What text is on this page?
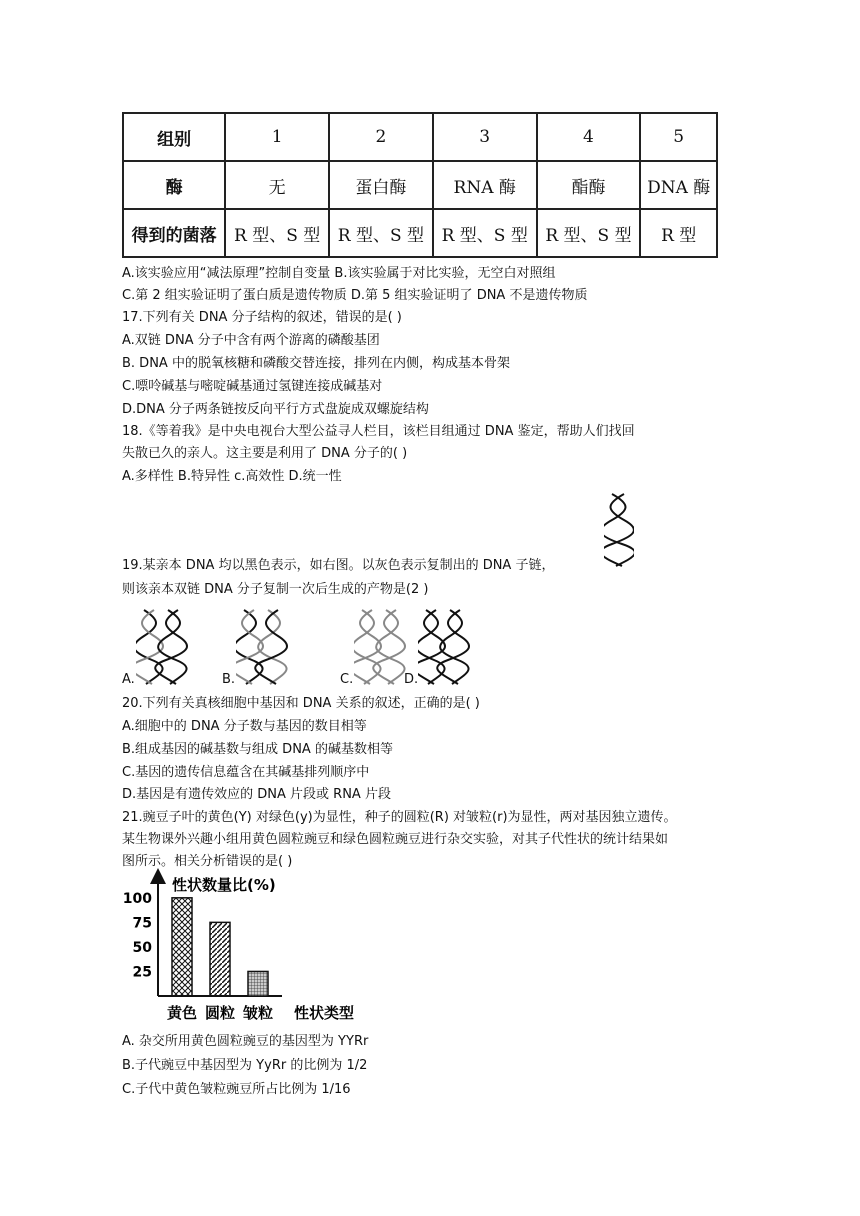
组别	1	2	3	4	5
酶	无	蛋白酶	RNA 酶	酯酶	DNA 酶
得到的菌落	R 型、S 型	R 型、S 型	R 型、S 型	R 型、S 型	R 型
A.该实验应用“减法原理”控制自变量 B.该实验属于对比实验，无空白对照组
C.第 2 组实验证明了蛋白质是遗传物质 D.第 5 组实验证明了 DNA 不是遗传物质
17.下列有关 DNA 分子结构的叙述，错误的是( )
A.双链 DNA 分子中含有两个游离的磷酸基团
B. DNA 中的脱氧核糖和磷酸交替连接，排列在内侧，构成基本骨架
C.嘌呤碱基与嘧啶碱基通过氢键连接成碱基对
D.DNA 分子两条链按反向平行方式盘旋成双螺旋结构
18.《等着我》是中央电视台大型公益寻人栏目，该栏目组通过 DNA 鉴定，帮助人们找回
失散已久的亲人。这主要是利用了 DNA 分子的( )
A.多样性 B.特异性 c.高效性 D.统一性
19.某亲本 DNA 均以黑色表示，如右图。以灰色表示复制出的 DNA 子链，
则该亲本双链 DNA 分子复制一次后生成的产物是(2 )
A.	B.	C.	D.
20.下列有关真核细胞中基因和 DNA 关系的叙述，正确的是( )
A.细胞中的 DNA 分子数与基因的数目相等
B.组成基因的碱基数与组成 DNA 的碱基数相等
C.基因的遗传信息蕴含在其碱基排列顺序中
D.基因是有遗传效应的 DNA 片段或 RNA 片段
21.豌豆子叶的黄色(Y) 对绿色(y)为显性，种子的圆粒(R) 对皱粒(r)为显性，两对基因独立遗传。
某生物课外兴趣小组用黄色圆粒豌豆和绿色圆粒豌豆进行杂交实验，对其子代性状的统计结果如
图所示。相关分析错误的是( )
性状数量比(%)
25
50
75
100
黄色 圆粒 皱粒 性状类型
A. 杂交所用黄色圆粒豌豆的基因型为 YYRr
B.子代豌豆中基因型为 YyRr 的比例为 1/2
C.子代中黄色皱粒豌豆所占比例为 1/16
